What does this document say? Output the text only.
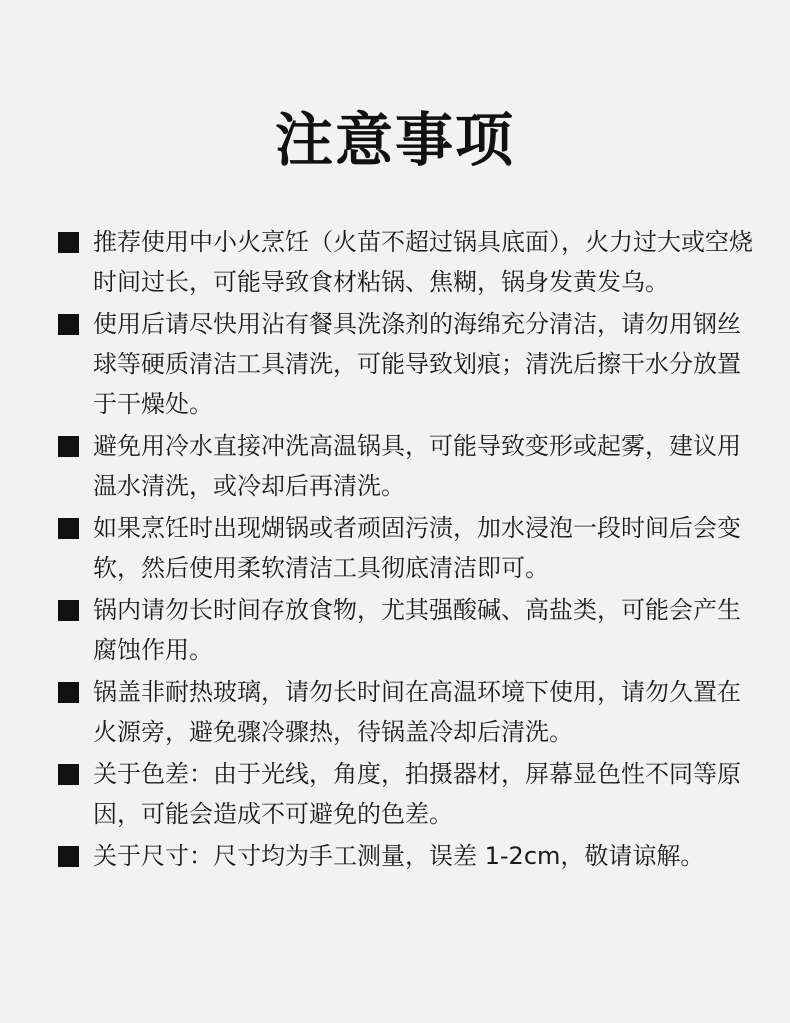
注意事项
推荐使用中小火烹饪（火苗不超过锅具底面），火力过大或空烧时间过长，可能导致食材粘锅、焦糊，锅身发黄发乌。
使用后请尽快用沾有餐具洗涤剂的海绵充分清洁，请勿用钢丝球等硬质清洁工具清洗，可能导致划痕；清洗后擦干水分放置于干燥处。
避免用冷水直接冲洗高温锅具，可能导致变形或起雾，建议用温水清洗，或冷却后再清洗。
如果烹饪时出现煳锅或者顽固污渍，加水浸泡一段时间后会变软，然后使用柔软清洁工具彻底清洁即可。
锅内请勿长时间存放食物，尤其强酸碱、高盐类，可能会产生腐蚀作用。
锅盖非耐热玻璃，请勿长时间在高温环境下使用，请勿久置在火源旁，避免骤冷骤热，待锅盖冷却后清洗。
关于色差：由于光线，角度，拍摄器材，屏幕显色性不同等原因，可能会造成不可避免的色差。
关于尺寸：尺寸均为手工测量，误差 1-2cm，敬请谅解。
